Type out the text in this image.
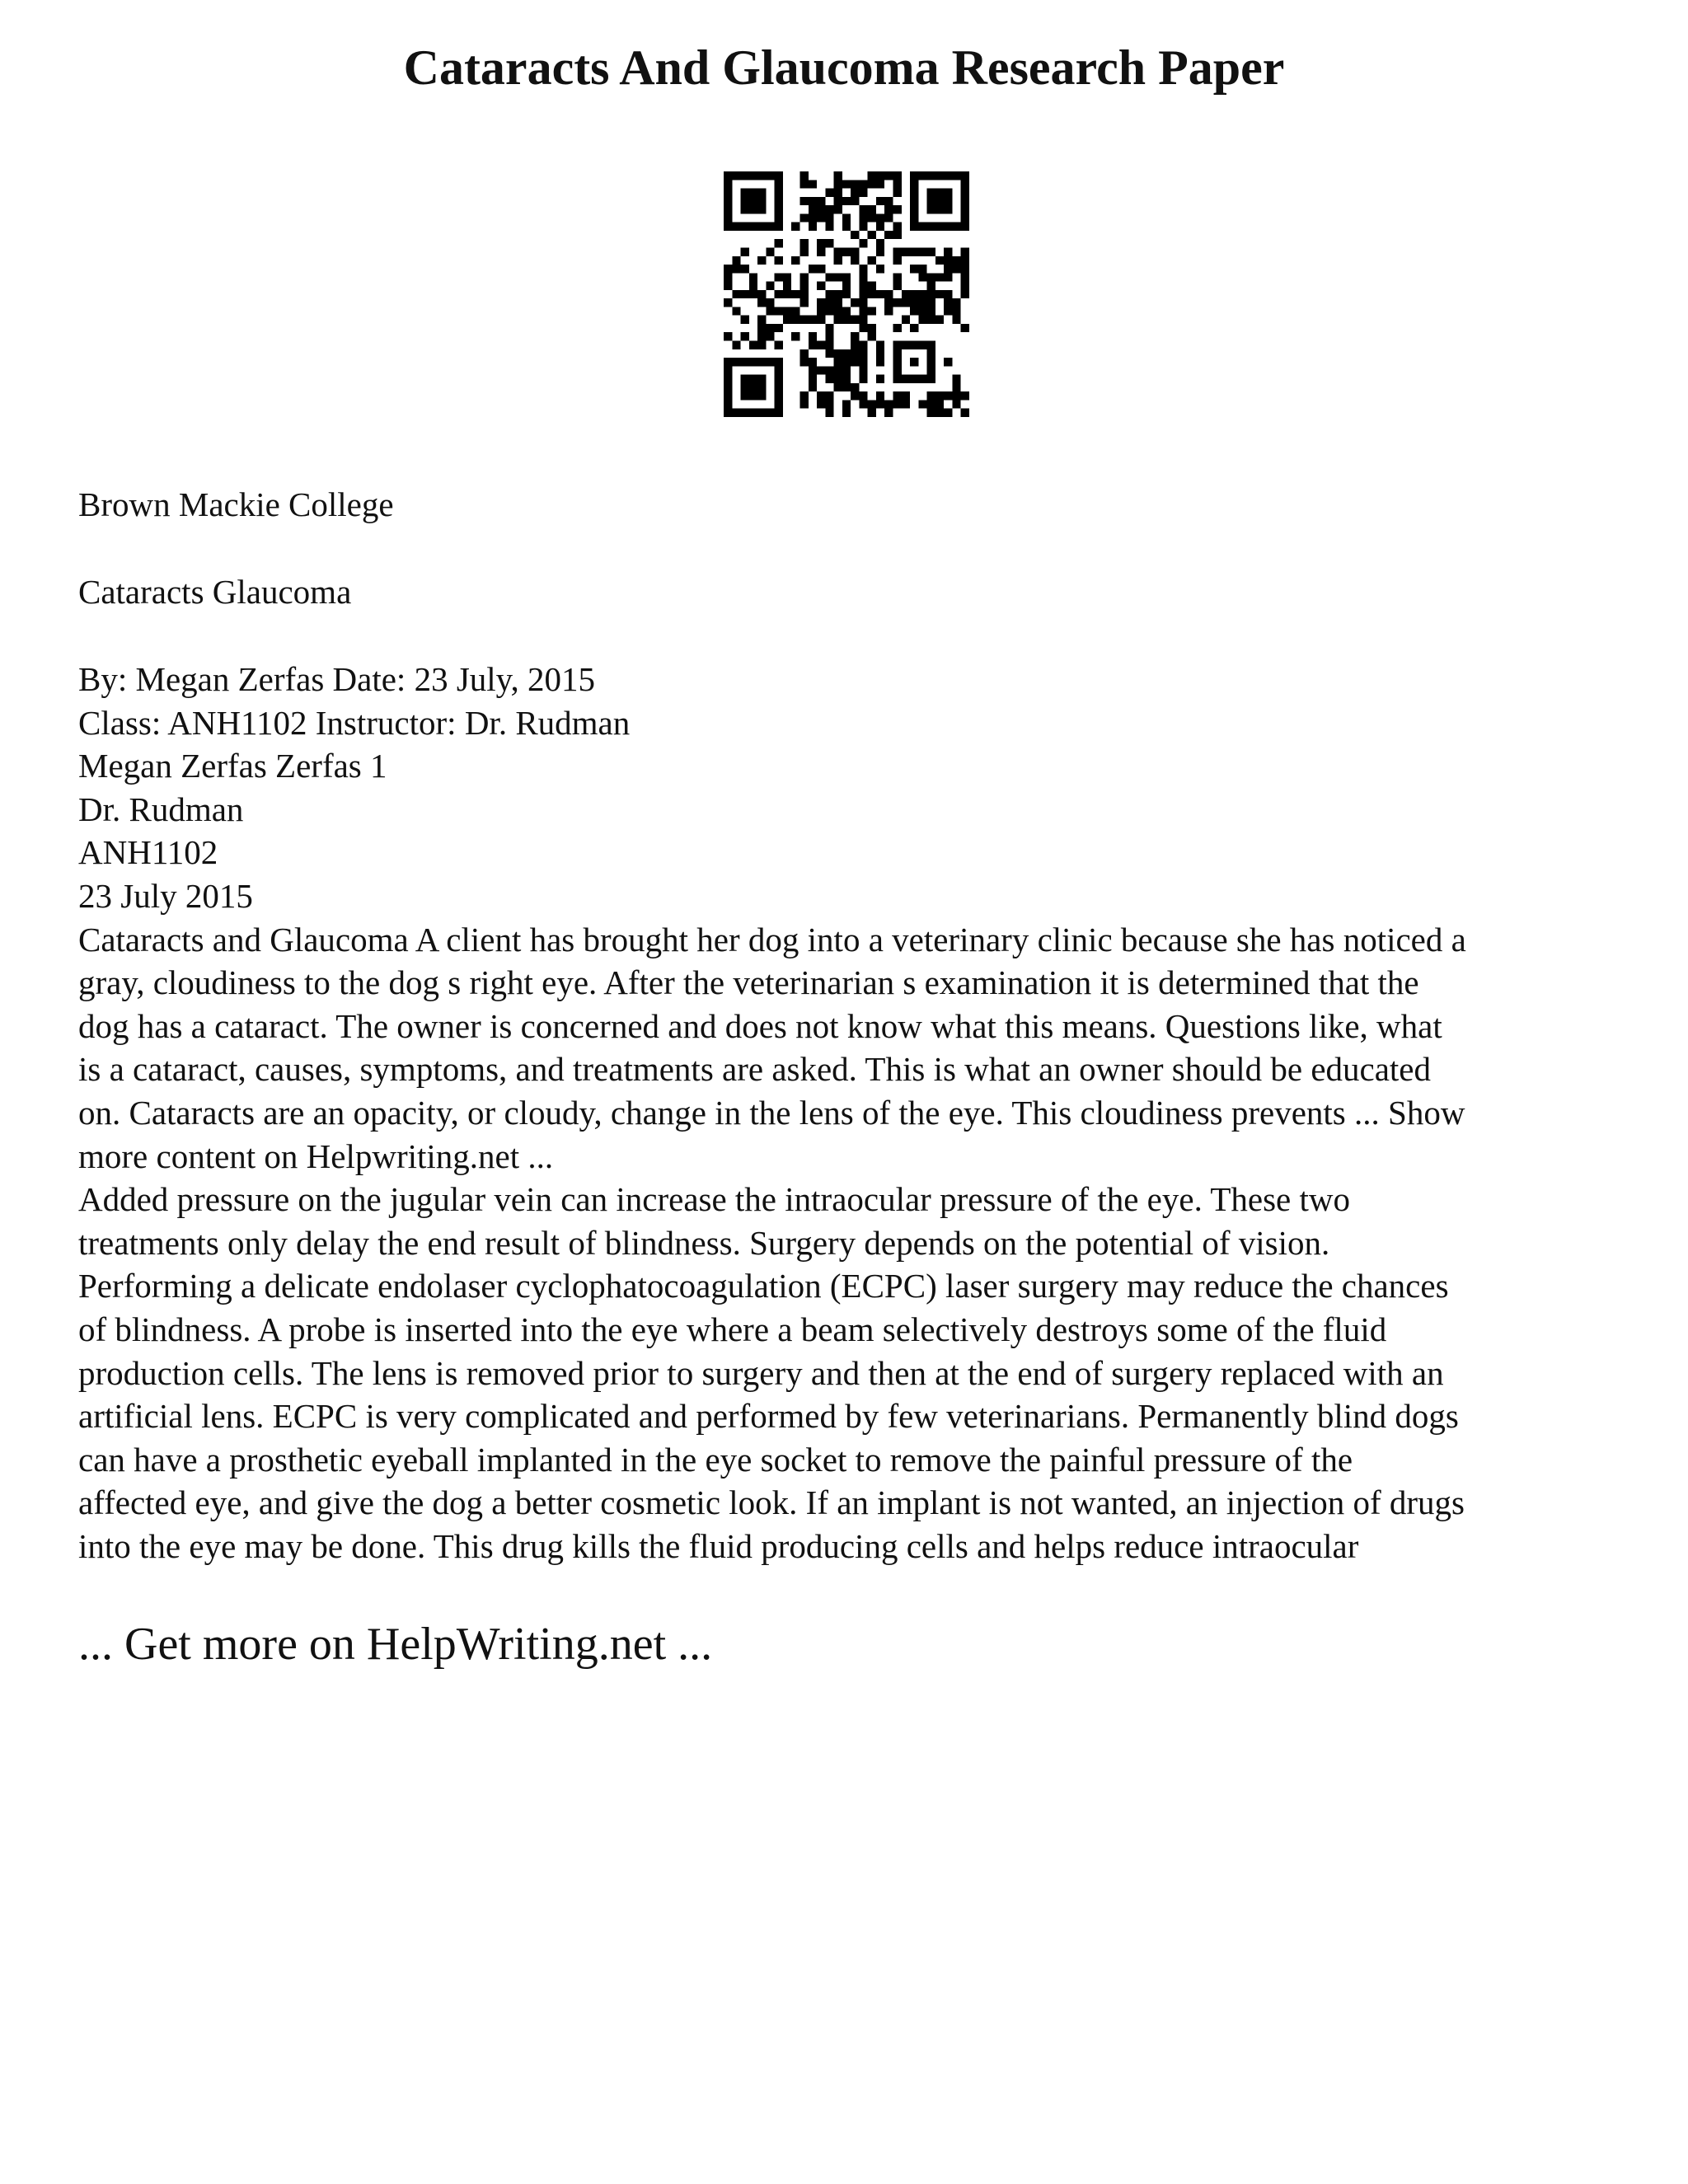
Cataracts And Glaucoma Research Paper
Brown Mackie College
Cataracts Glaucoma
By: Megan Zerfas Date: 23 July, 2015
Class: ANH1102 Instructor: Dr. Rudman
Megan Zerfas Zerfas 1
Dr. Rudman
ANH1102
23 July 2015
Cataracts and Glaucoma A client has brought her dog into a veterinary clinic because she has noticed a
gray, cloudiness to the dog s right eye. After the veterinarian s examination it is determined that the
dog has a cataract. The owner is concerned and does not know what this means. Questions like, what
is a cataract, causes, symptoms, and treatments are asked. This is what an owner should be educated
on. Cataracts are an opacity, or cloudy, change in the lens of the eye. This cloudiness prevents ... Show
more content on Helpwriting.net ...
Added pressure on the jugular vein can increase the intraocular pressure of the eye. These two
treatments only delay the end result of blindness. Surgery depends on the potential of vision.
Performing a delicate endolaser cyclophatocoagulation (ECPC) laser surgery may reduce the chances
of blindness. A probe is inserted into the eye where a beam selectively destroys some of the fluid
production cells. The lens is removed prior to surgery and then at the end of surgery replaced with an
artificial lens. ECPC is very complicated and performed by few veterinarians. Permanently blind dogs
can have a prosthetic eyeball implanted in the eye socket to remove the painful pressure of the
affected eye, and give the dog a better cosmetic look. If an implant is not wanted, an injection of drugs
into the eye may be done. This drug kills the fluid producing cells and helps reduce intraocular
... Get more on HelpWriting.net ...
